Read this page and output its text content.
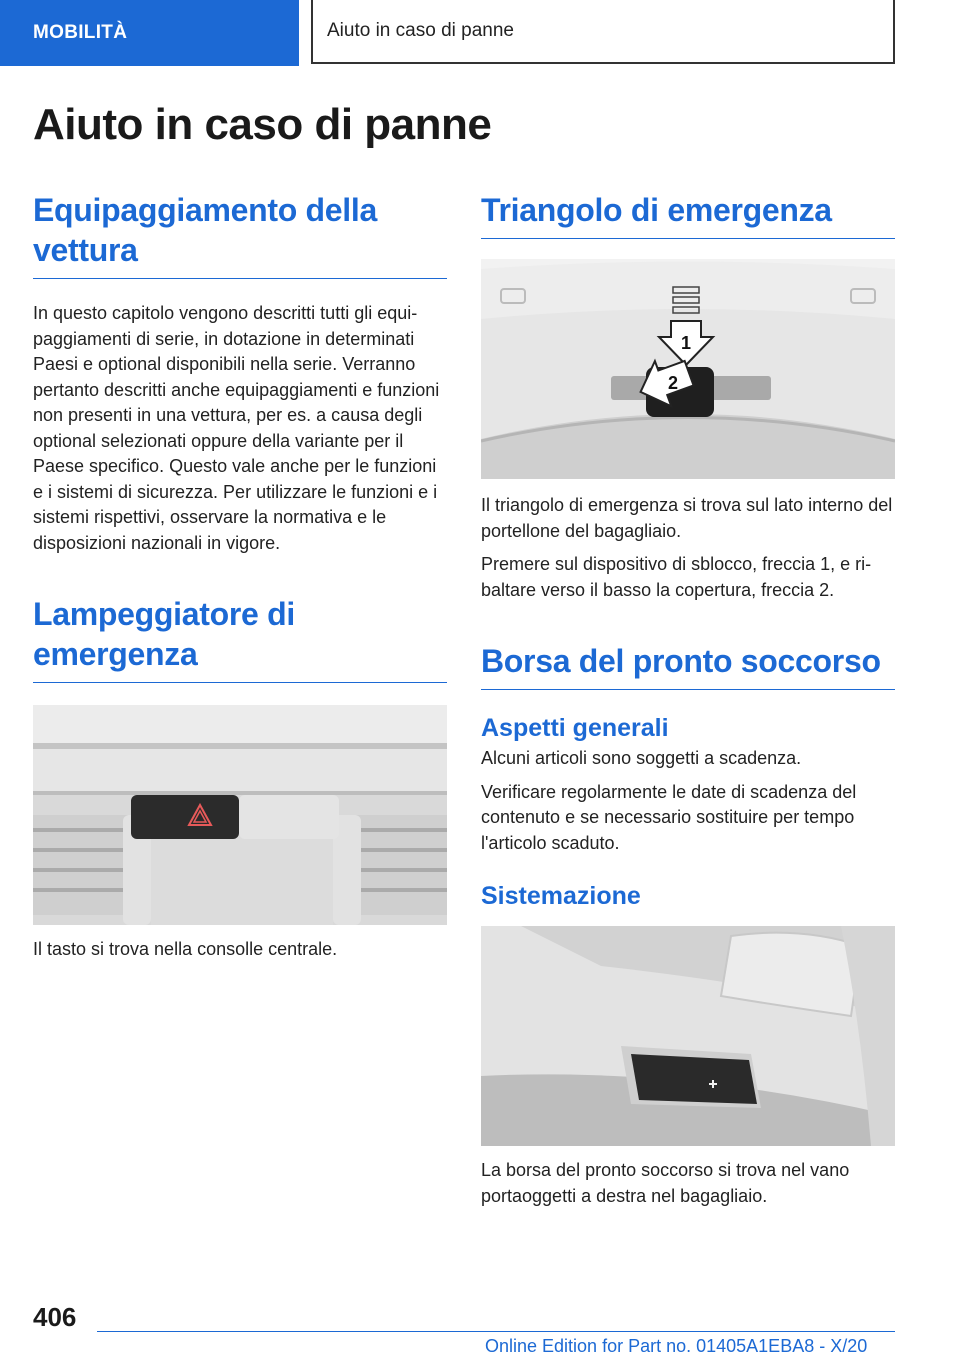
MOBILITÀ	Aiuto in caso di panne
Aiuto in caso di panne
Equipaggiamento della vettura

In questo capitolo vengono descritti tutti gli equipaggiamenti di serie, in dotazione in determinati Paesi e optional disponibili nella serie. Verranno pertanto descritti anche equipaggiamenti e funzioni non presenti in una vettura, per es. a causa degli optional selezionati oppure della variante per il Paese specifico. Questo vale anche per le funzioni e i sistemi di sicurezza. Per utilizzare le funzioni e i sistemi rispettivi, osservare la normativa e le disposizioni nazionali in vigore.

Lampeggiatore di emergenza

Il tasto si trova nella consolle centrale.

Triangolo di emergenza
1
2

Il triangolo di emergenza si trova sul lato interno del portellone del bagagliaio.

Premere sul dispositivo di sblocco, freccia 1, e ribaltare verso il basso la copertura, freccia 2.

Borsa del pronto soccorso
Aspetti generali

Alcuni articoli sono soggetti a scadenza.

Verificare regolarmente le date di scadenza del contenuto e se necessario sostituire per tempo l'articolo scaduto.

Sistemazione

La borsa del pronto soccorso si trova nel vano portaoggetti a destra nel bagagliaio.

406
Online Edition for Part no. 01405A1EBA8 - X/20
